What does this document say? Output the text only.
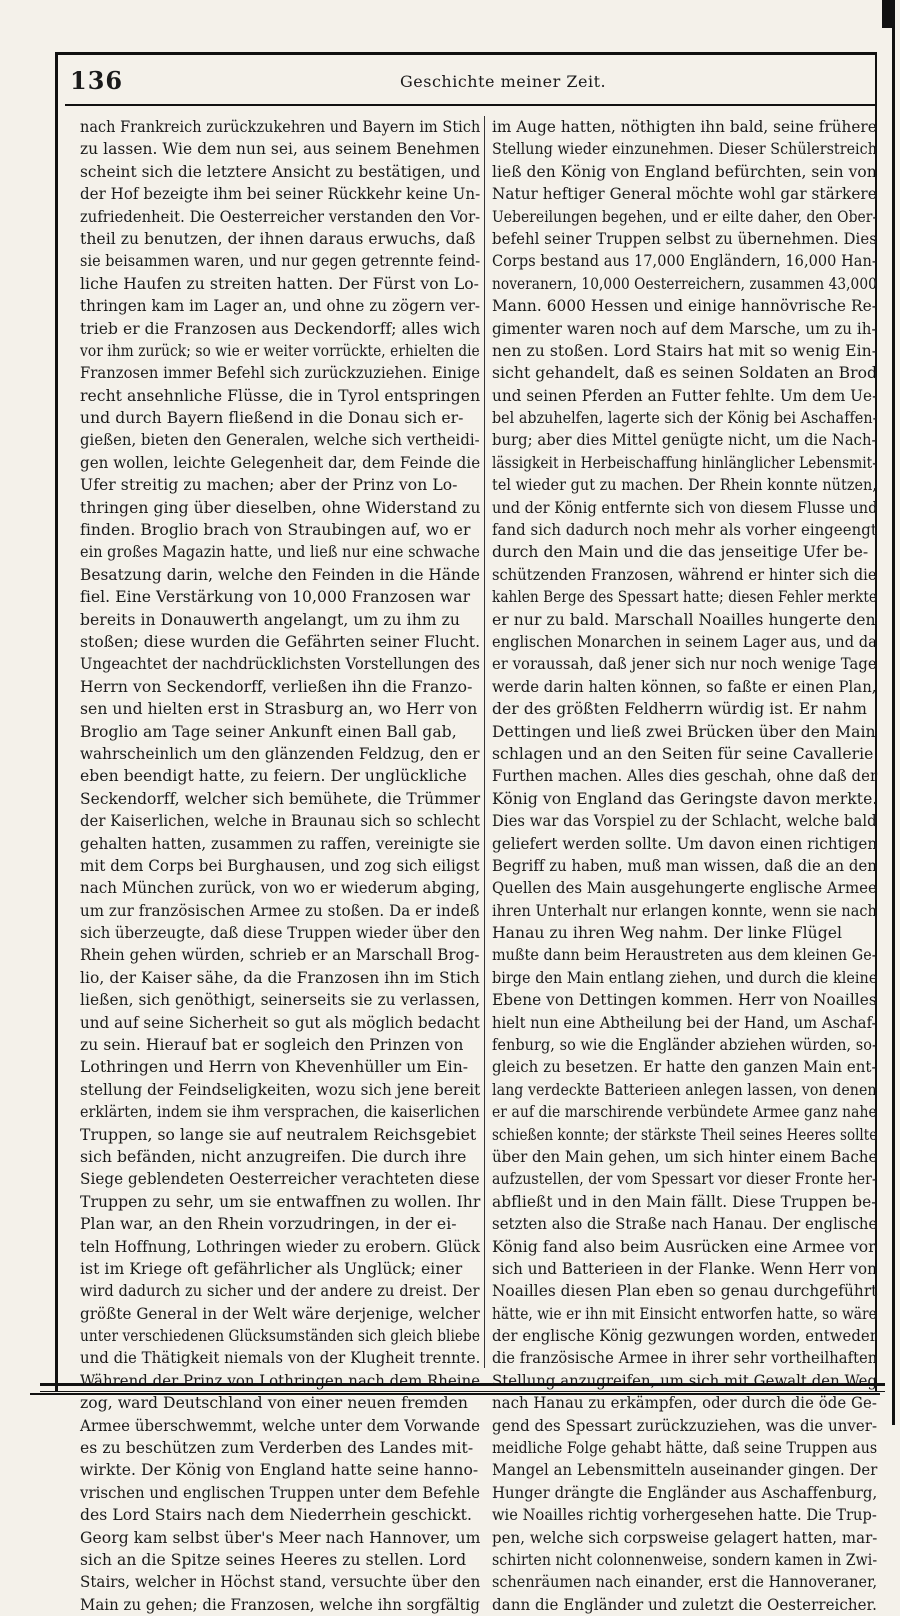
136	Geschichte meiner Zeit.
nach Frankreich zurückzukehren und Bayern im Stich
zu lassen. Wie dem nun sei, aus seinem Benehmen
scheint sich die letztere Ansicht zu bestätigen, und
der Hof bezeigte ihm bei seiner Rückkehr keine Un-
zufriedenheit. Die Oesterreicher verstanden den Vor-
theil zu benutzen, der ihnen daraus erwuchs, daß
sie beisammen waren, und nur gegen getrennte feind-
liche Haufen zu streiten hatten. Der Fürst von Lo-
thringen kam im Lager an, und ohne zu zögern ver-
trieb er die Franzosen aus Deckendorff; alles wich
vor ihm zurück; so wie er weiter vorrückte, erhielten die
Franzosen immer Befehl sich zurückzuziehen. Einige
recht ansehnliche Flüsse, die in Tyrol entspringen
und durch Bayern fließend in die Donau sich er-
gießen, bieten den Generalen, welche sich vertheidi-
gen wollen, leichte Gelegenheit dar, dem Feinde die
Ufer streitig zu machen; aber der Prinz von Lo-
thringen ging über dieselben, ohne Widerstand zu
finden. Broglio brach von Straubingen auf, wo er
ein großes Magazin hatte, und ließ nur eine schwache
Besatzung darin, welche den Feinden in die Hände
fiel. Eine Verstärkung von 10,000 Franzosen war
bereits in Donauwerth angelangt, um zu ihm zu
stoßen; diese wurden die Gefährten seiner Flucht.
Ungeachtet der nachdrücklichsten Vorstellungen des
Herrn von Seckendorff, verließen ihn die Franzo-
sen und hielten erst in Strasburg an, wo Herr von
Broglio am Tage seiner Ankunft einen Ball gab,
wahrscheinlich um den glänzenden Feldzug, den er
eben beendigt hatte, zu feiern. Der unglückliche
Seckendorff, welcher sich bemühete, die Trümmer
der Kaiserlichen, welche in Braunau sich so schlecht
gehalten hatten, zusammen zu raffen, vereinigte sie
mit dem Corps bei Burghausen, und zog sich eiligst
nach München zurück, von wo er wiederum abging,
um zur französischen Armee zu stoßen. Da er indeß
sich überzeugte, daß diese Truppen wieder über den
Rhein gehen würden, schrieb er an Marschall Brog-
lio, der Kaiser sähe, da die Franzosen ihn im Stich
ließen, sich genöthigt, seinerseits sie zu verlassen,
und auf seine Sicherheit so gut als möglich bedacht
zu sein. Hierauf bat er sogleich den Prinzen von
Lothringen und Herrn von Khevenhüller um Ein-
stellung der Feindseligkeiten, wozu sich jene bereit
erklärten, indem sie ihm versprachen, die kaiserlichen
Truppen, so lange sie auf neutralem Reichsgebiet
sich befänden, nicht anzugreifen. Die durch ihre
Siege geblendeten Oesterreicher verachteten diese
Truppen zu sehr, um sie entwaffnen zu wollen. Ihr
Plan war, an den Rhein vorzudringen, in der ei-
teln Hoffnung, Lothringen wieder zu erobern. Glück
ist im Kriege oft gefährlicher als Unglück; einer
wird dadurch zu sicher und der andere zu dreist. Der
größte General in der Welt wäre derjenige, welcher
unter verschiedenen Glücksumständen sich gleich bliebe
und die Thätigkeit niemals von der Klugheit trennte.
Während der Prinz von Lothringen nach dem Rheine
zog, ward Deutschland von einer neuen fremden
Armee überschwemmt, welche unter dem Vorwande
es zu beschützen zum Verderben des Landes mit-
wirkte. Der König von England hatte seine hanno-
vrischen und englischen Truppen unter dem Befehle
des Lord Stairs nach dem Niederrhein geschickt.
Georg kam selbst über's Meer nach Hannover, um
sich an die Spitze seines Heeres zu stellen. Lord
Stairs, welcher in Höchst stand, versuchte über den
Main zu gehen; die Franzosen, welche ihn sorgfältig
im Auge hatten, nöthigten ihn bald, seine frühere
Stellung wieder einzunehmen. Dieser Schülerstreich
ließ den König von England befürchten, sein von
Natur heftiger General möchte wohl gar stärkere
Uebereilungen begehen, und er eilte daher, den Ober-
befehl seiner Truppen selbst zu übernehmen. Dies
Corps bestand aus 17,000 Engländern, 16,000 Han-
noveranern, 10,000 Oesterreichern, zusammen 43,000
Mann. 6000 Hessen und einige hannövrische Re-
gimenter waren noch auf dem Marsche, um zu ih-
nen zu stoßen. Lord Stairs hat mit so wenig Ein-
sicht gehandelt, daß es seinen Soldaten an Brod
und seinen Pferden an Futter fehlte. Um dem Ue-
bel abzuhelfen, lagerte sich der König bei Aschaffen-
burg; aber dies Mittel genügte nicht, um die Nach-
lässigkeit in Herbeischaffung hinlänglicher Lebensmit-
tel wieder gut zu machen. Der Rhein konnte nützen,
und der König entfernte sich von diesem Flusse und
fand sich dadurch noch mehr als vorher eingeengt
durch den Main und die das jenseitige Ufer be-
schützenden Franzosen, während er hinter sich die
kahlen Berge des Spessart hatte; diesen Fehler merkte
er nur zu bald. Marschall Noailles hungerte den
englischen Monarchen in seinem Lager aus, und da
er voraussah, daß jener sich nur noch wenige Tage
werde darin halten können, so faßte er einen Plan,
der des größten Feldherrn würdig ist. Er nahm
Dettingen und ließ zwei Brücken über den Main
schlagen und an den Seiten für seine Cavallerie
Furthen machen. Alles dies geschah, ohne daß der
König von England das Geringste davon merkte.
Dies war das Vorspiel zu der Schlacht, welche bald
geliefert werden sollte. Um davon einen richtigen
Begriff zu haben, muß man wissen, daß die an den
Quellen des Main ausgehungerte englische Armee
ihren Unterhalt nur erlangen konnte, wenn sie nach
Hanau zu ihren Weg nahm. Der linke Flügel
mußte dann beim Heraustreten aus dem kleinen Ge-
birge den Main entlang ziehen, und durch die kleine
Ebene von Dettingen kommen. Herr von Noailles
hielt nun eine Abtheilung bei der Hand, um Aschaf-
fenburg, so wie die Engländer abziehen würden, so-
gleich zu besetzen. Er hatte den ganzen Main ent-
lang verdeckte Batterieen anlegen lassen, von denen
er auf die marschirende verbündete Armee ganz nahe
schießen konnte; der stärkste Theil seines Heeres sollte
über den Main gehen, um sich hinter einem Bache
aufzustellen, der vom Spessart vor dieser Fronte her-
abfließt und in den Main fällt. Diese Truppen be-
setzten also die Straße nach Hanau. Der englische
König fand also beim Ausrücken eine Armee vor
sich und Batterieen in der Flanke. Wenn Herr von
Noailles diesen Plan eben so genau durchgeführt
hätte, wie er ihn mit Einsicht entworfen hatte, so wäre
der englische König gezwungen worden, entweder
die französische Armee in ihrer sehr vortheilhaften
Stellung anzugreifen, um sich mit Gewalt den Weg
nach Hanau zu erkämpfen, oder durch die öde Ge-
gend des Spessart zurückzuziehen, was die unver-
meidliche Folge gehabt hätte, daß seine Truppen aus
Mangel an Lebensmitteln auseinander gingen. Der
Hunger drängte die Engländer aus Aschaffenburg,
wie Noailles richtig vorhergesehen hatte. Die Trup-
pen, welche sich corpsweise gelagert hatten, mar-
schirten nicht colonnenweise, sondern kamen in Zwi-
schenräumen nach einander, erst die Hannoveraner,
dann die Engländer und zuletzt die Oesterreicher.
